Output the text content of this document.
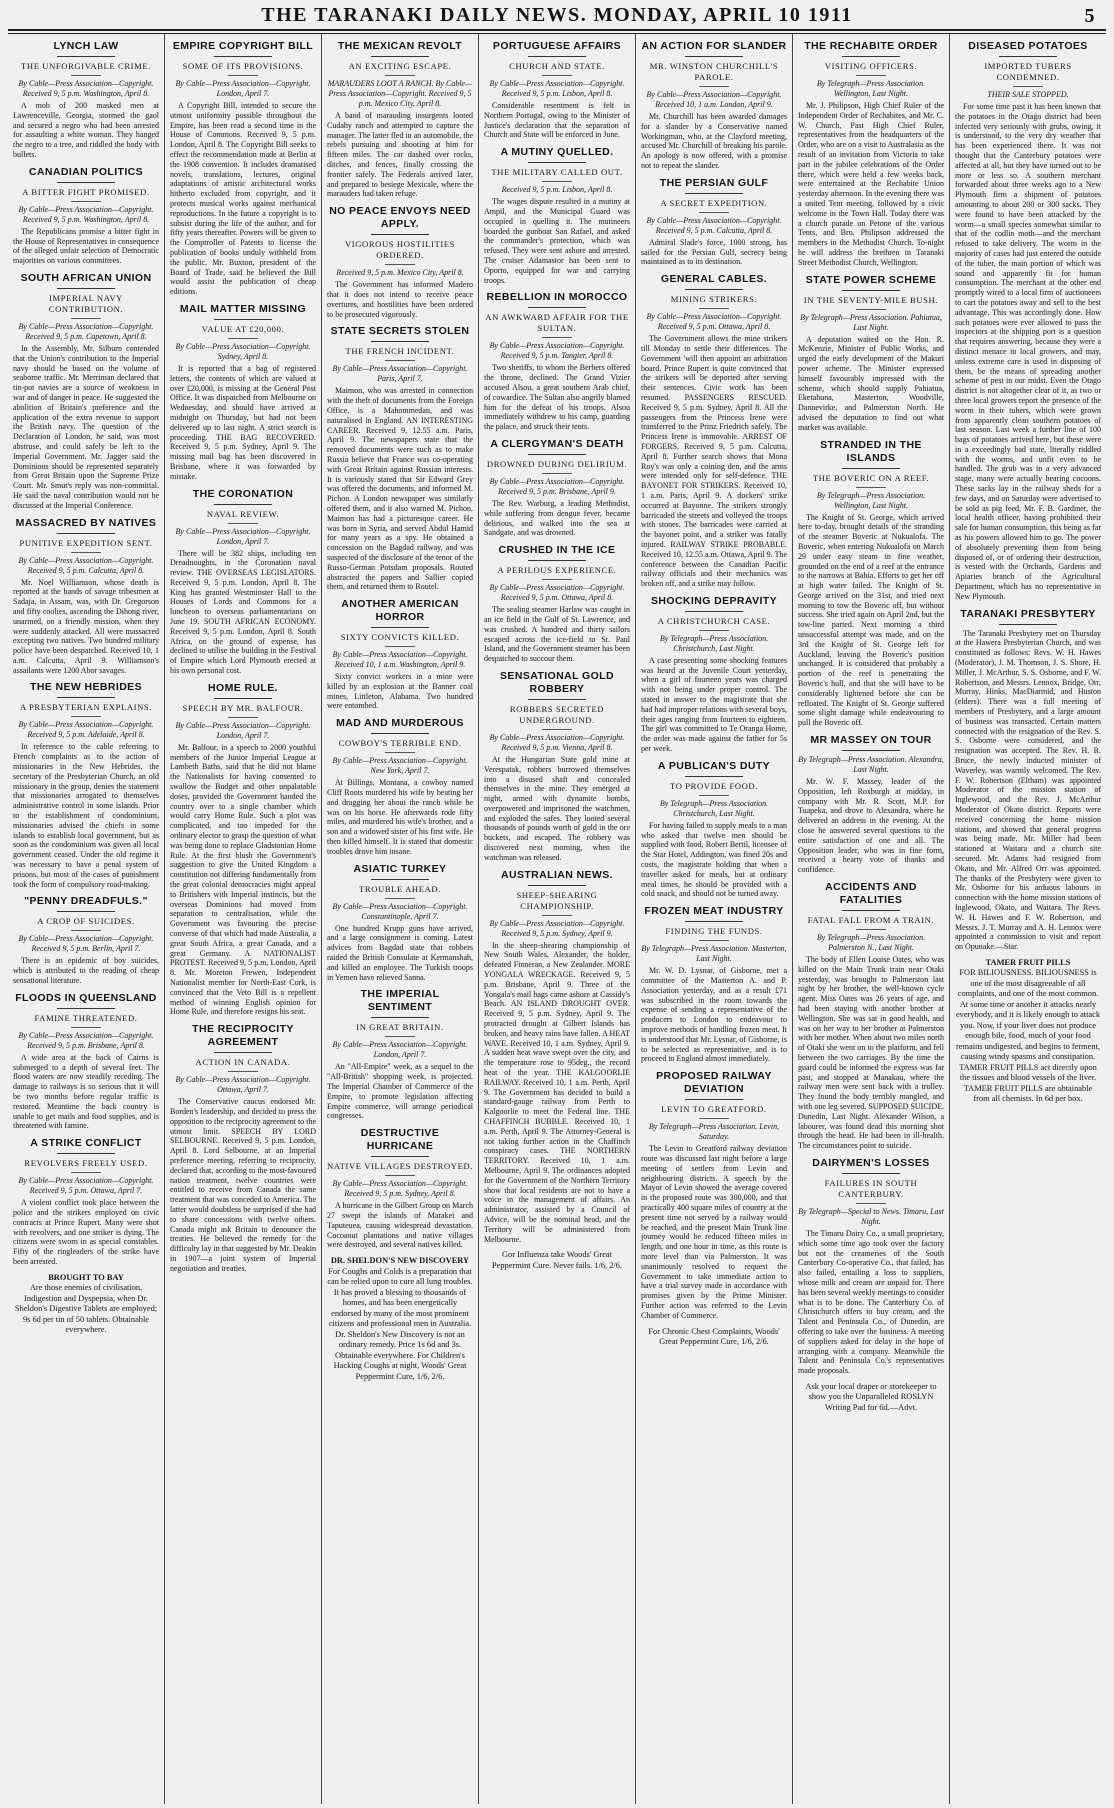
THE TARANAKI DAILY NEWS. MONDAY, APRIL 10 1911	5
LYNCH LAW
THE UNFORGIVABLE CRIME.
By Cable—Press Association—Copyright. Received 9, 5 p.m. Washington, April 8.

A mob of 200 masked men at Lawrenceville, Georgia, stormed the gaol and secured a negro who had been arrested for assaulting a white woman. They hanged the negro to a tree, and riddled the body with bullets.

CANADIAN POLITICS
A BITTER FIGHT PROMISED.
By Cable—Press Association—Copyright. Received 9, 5 p.m. Washington, April 8.

The Republicans promise a bitter fight in the House of Representatives in consequence of the alleged unfair selection of Democratic majorities on various committees.

SOUTH AFRICAN UNION
IMPERIAL NAVY CONTRIBUTION.
By Cable—Press Association—Copyright. Received 9, 5 p.m. Capetown, April 8.

In the Assembly, Mr. Silburn contended that the Union's contribution to the Imperial navy should be based on the volume of seaborne traffic. Mr. Merriman declared that tin-pot navies are a source of weakness in war and of danger in peace. He suggested the abolition of Britain's preference and the application of the extra revenue to support the British navy. The question of the Declaration of London, he said, was most abstruse, and could safely be left to the Imperial Government. Mr. Jagger said the Dominions should be represented separately from Great Britain upon the Supreme Prize Court. Mr. Smut's reply was non-committal. He said the naval contribution would not be discussed at the Imperial Conference.

MASSACRED BY NATIVES
PUNITIVE EXPEDITION SENT.
By Cable—Press Association—Copyright. Received 9, 5 p.m. Calcutta, April 8.

Mr. Noel Williamson, whose death is reported at the hands of savage tribesmen at Sadaja, in Assam, was, with Dr. Gregorson and fifty coolies, ascending the Dihong river, unarmed, on a friendly mission, when they were suddenly attacked. All were massacred excepting two natives. Two hundred military police have been despatched. Received 10, 1 a.m. Calcutta, April 9. Williamson's assailants were 1200 Abor savages.

THE NEW HEBRIDES
A PRESBYTERIAN EXPLAINS.
By Cable—Press Association—Copyright. Received 9, 5 p.m. Adelaide, April 8.

In reference to the cable referring to French complaints as to the action of missionaries in the New Hebrides, the secretary of the Presbyterian Church, an old missionary in the group, denies the statement that missionaries arrogated to themselves administrative control in some islands. Prior to the establishment of condominium, missionaries advised the chiefs in some islands to establish local government, but as soon as the condominium was given all local government ceased. Under the old regime it was necessary to have a penal system of prisons, but most of the cases of punishment took the form of compulsory road-making.

"PENNY DREADFULS."
A CROP OF SUICIDES.
By Cable—Press Association—Copyright. Received 9, 5 p.m. Berlin, April 7.

There is an epidemic of boy suicides, which is attributed to the reading of cheap sensational literature.

FLOODS IN QUEENSLAND
FAMINE THREATENED.
By Cable—Press Association—Copyright. Received 9, 5 p.m. Brisbane, April 8.

A wide area at the back of Cairns is submerged to a depth of several feet. The flood waters are now steadily receding. The damage to railways is so serious that it will be two months before regular traffic is restored. Meantime the back country is unable to get mails and food supplies, and is threatened with famine.

A STRIKE CONFLICT
REVOLVERS FREELY USED.
By Cable—Press Association—Copyright. Received 9, 5 p.m. Ottawa, April 7.

A violent conflict took place between the police and the strikers employed on civic contracts at Prince Rupert. Many were shot with revolvers, and one striker is dying. The citizens were sworn in as special constables. Fifty of the ringleaders of the strike have been arrested.

BROUGHT TO BAY
Are those enemies of civilisation, Indigestion and Dyspepsia, when Dr. Sheldon's Digestive Tablets are employed; 9s 6d per tin of 50 tablets. Obtainable everywhere.
EMPIRE COPYRIGHT BILL
SOME OF ITS PROVISIONS.
By Cable—Press Association—Copyright. London, April 7.

A Copyright Bill, intended to secure the utmost uniformity possible throughout the Empire, has been read a second time in the House of Commons. Received 9, 5 p.m. London, April 8. The Copyright Bill seeks to effect the recommendation made at Berlin at the 1908 convention. It includes dramatised novels, translations, lectures, original adaptations of artistic architectural works hitherto excluded from copyright, and it protects musical works against mechanical reproductions. In the future a copyright is to subsist during the life of the author, and for fifty years thereafter. Powers will be given to the Comptroller of Patents to license the publication of books unduly withheld from the public. Mr. Buxton, president of the Board of Trade, said he believed the Bill would assist the publication of cheap editions.

MAIL MATTER MISSING
VALUE AT £20,000.
By Cable—Press Association—Copyright. Sydney, April 8.

It is reported that a bag of registered letters, the contents of which are valued at over £20,000, is missing at the General Post Office. It was dispatched from Melbourne on Wednesday, and should have arrived at midnight on Thursday, but had not been delivered up to last night. A strict search is proceeding. THE BAG RECOVERED. Received 9, 5 p.m. Sydney, April 9. The missing mail bag has been discovered in Brisbane, where it was forwarded by mistake.

THE CORONATION
NAVAL REVIEW.
By Cable—Press Association—Copyright. London, April 7.

There will be 382 ships, including ten Dreadnoughts, in the Coronation naval review. THE OVERSEAS LEGISLATORS. Received 9, 5 p.m. London, April 8. The King has granted Westminster Hall to the Houses of Lords and Commons for a luncheon to overseas parliamentarians on June 19. SOUTH AFRICAN ECONOMY. Received 9, 5 p.m. London, April 8. South Africa, on the ground of expense, has declined to utilise the building in the Festival of Empire which Lord Plymouth erected at his own personal cost.

HOME RULE.
SPEECH BY MR. BALFOUR.
By Cable—Press Association—Copyright. London, April 7.

Mr. Balfour, in a speech to 2000 youthful members of the Junior Imperial League at Lambeth Baths, said that he did not blame the Nationalists for having consented to swallow the Budget and other unpalatable doses, provided the Government handed the country over to a single chamber which would carry Home Rule. Such a plot was complicated, and too impeded for the ordinary elector to grasp the question of what was being done to replace Gladstonian Home Rule. At the first blush the Government's suggestion to give the United Kingdom a constitution not differing fundamentally from the great colonial democracies might appeal to Britishers with Imperial instincts, but the overseas Dominions had moved from separation to centralisation, while the Government was favouring the precise converse of that which had made Australia, a great South Africa, a great Canada, and a great Germany. A NATIONALIST PROTEST. Received 9, 5 p.m. London, April 8. Mr. Moreton Frewen, Independent Nationalist member for North-East Cork, is convinced that the Veto Bill is a repellent method of winning English opinion for Home Rule, and therefore resigns his seat.

THE RECIPROCITY AGREEMENT
ACTION IN CANADA.
By Cable—Press Association—Copyright. Ottawa, April 7.

The Conservative caucus endorsed Mr. Borden's leadership, and decided to press the opposition to the reciprocity agreement to the utmost limit. SPEECH BY LORD SELBOURNE. Received 9, 5 p.m. London, April 8. Lord Selbourne, at an Imperial preference meeting, referring to reciprocity, declared that, according to the most-favoured nation treatment, twelve countries were entitled to receive from Canada the same treatment that was conceded to America. The latter would doubtless be surprised if she had to share concessions with twelve others. Canada might ask Britain to denounce the treaties. He believed the remedy for the difficulty lay in that suggested by Mr. Deakin in 1907—a joint system of Imperial negotiation and treaties.

THE MEXICAN REVOLT
AN EXCITING ESCAPE.
MARAUDERS LOOT A RANCH. By Cable—Press Association—Copyright. Received 9, 5 p.m. Mexico City, April 8.

A band of marauding insurgents looted Cudahy ranch and attempted to capture the manager. The latter fled in an automobile, the rebels pursuing and shooting at him for fifteen miles. The car dashed over rocks, ditches, and fences, finally crossing the frontier safely. The Federals arrived later, and prepared to besiege Mexicale, where the marauders had taken refuge.

NO PEACE ENVOYS NEED APPLY.
VIGOROUS HOSTILITIES ORDERED.
Received 9, 5 p.m. Mexico City, April 8.

The Government has informed Madero that it does not intend to receive peace overtures, and hostilities have been ordered to be prosecuted vigorously.

STATE SECRETS STOLEN
THE FRENCH INCIDENT.
By Cable—Press Association—Copyright. Paris, April 7.

Maimon, who was arrested in connection with the theft of documents from the Foreign Office, is a Mahommedan, and was naturalised in England. AN INTERESTING CAREER. Received 9, 12.55 a.m. Paris, April 9. The newspapers state that the removed documents were such as to make Russia believe that France was co-operating with Great Britain against Russian interests. It is variously stated that Sir Edward Grey was offered the documents, and informed M. Pichon. A London newspaper was similarly offered them, and it also warned M. Pichon. Maimon has had a picturesque career. He was born in Syria, and served Abdul Hamid for many years as a spy. He obtained a concession on the Bagdad railway, and was suspected of the disclosure of the tenor of the Russo-German Potsdam proposals. Routed abstracted the papers and Sallier copied them, and returned them to Routel.

ANOTHER AMERICAN HORROR
SIXTY CONVICTS KILLED.
By Cable—Press Association—Copyright. Received 10, 1 a.m. Washington, April 9.

Sixty convict workers in a mine were killed by an explosion at the Banner coal mines, Littleton, Alabama. Two hundred were entombed.

MAD AND MURDEROUS
COWBOY'S TERRIBLE END.
By Cable—Press Association—Copyright. New York, April 7.

At Billings, Montana, a cowboy named Cliff Roots murdered his wife by beating her and dragging her about the ranch while he was on his horse. He afterwards rode fifty miles, and murdered his wife's brother, and a son and a widowed sister of his first wife. He then killed himself. It is stated that domestic troubles drove him insane.

ASIATIC TURKEY
TROUBLE AHEAD.
By Cable—Press Association—Copyright. Constantinople, April 7.

One hundred Krupp guns have arrived, and a large consignment is coming. Latest advices from Bagdad state that robbers raided the British Consulate at Kermanshah, and killed an employee. The Turkish troops in Yemen have relieved Sanna.

THE IMPERIAL SENTIMENT
IN GREAT BRITAIN.
By Cable—Press Association—Copyright. London, April 7.

An "All-Empire" week, as a sequel to the "All-British" shopping week, is projected. The Imperial Chamber of Commerce of the Empire, to promote legislation affecting Empire commerce, will arrange periodical congresses.

DESTRUCTIVE HURRICANE
NATIVE VILLAGES DESTROYED.
By Cable—Press Association—Copyright. Received 9, 5 p.m. Sydney, April 8.

A hurricane in the Gilbert Group on March 27 swept the islands of Marakei and Taputeuea, causing widespread devastation. Cocoanut plantations and native villages were destroyed, and several natives killed.

DR. SHELDON'S NEW DISCOVERY
For Coughs and Colds is a preparation that can be relied upon to cure all lung troubles. It has proved a blessing to thousands of homes, and has been energetically endorsed by many of the most prominent citizens and professional men in Australia. Dr. Sheldon's New Discovery is not an ordinary remedy. Price 1s 6d and 3s. Obtainable everywhere. For Children's Hacking Coughs at night, Woods' Great Peppermint Cure, 1/6, 2/6.
PORTUGUESE AFFAIRS
CHURCH AND STATE.
By Cable—Press Association—Copyright. Received 9, 5 p.m. Lisbon, April 8.

Considerable resentment is felt in Northern Portugal, owing to the Minister of Justice's declaration that the separation of Church and State will be enforced in June.

A MUTINY QUELLED.
THE MILITARY CALLED OUT.
Received 9, 5 p.m. Lisbon, April 8.

The wages dispute resulted in a mutiny at Ampil, and the Municipal Guard was occupied in quelling it. The mutineers boarded the gunboat San Rafael, and asked the commander's protection, which was refused. They were sent ashore and arrested. The cruiser Adamastor has been sent to Oporto, equipped for war and carrying troops.

REBELLION IN MOROCCO
AN AWKWARD AFFAIR FOR THE SULTAN.
By Cable—Press Association—Copyright. Received 9, 5 p.m. Tangier, April 8.

Two sheriffs, to whom the Berbers offered the throne, declined. The Grand Vizier accused Alsou, a great southern Arab chief, of cowardice. The Sultan also angrily blamed him for the defeat of his troops. Alsou immediately withdrew to his camp, guarding the palace, and struck their tents.

A CLERGYMAN'S DEATH
DROWNED DURING DELIRIUM.
By Cable—Press Association—Copyright. Received 9, 5 p.m. Brisbane, April 9.

The Rev. Warburg, a leading Methodist, while suffering from dengue fever, became delirious, and walked into the sea at Sandgate, and was drowned.

CRUSHED IN THE ICE
A PERILOUS EXPERIENCE.
By Cable—Press Association—Copyright. Received 9, 5 p.m. Ottawa, April 8.

The sealing steamer Harlaw was caught in an ice field in the Gulf of St. Lawrence, and was crushed. A hundred and thirty sailors escaped across the ice-field to St. Paul Island, and the Government steamer has been despatched to succour them.

SENSATIONAL GOLD ROBBERY
ROBBERS SECRETED UNDERGROUND.
By Cable—Press Association—Copyright. Received 9, 5 p.m. Vienna, April 8.

At the Hungarian State gold mine at Verespatak, robbers burrowed themselves into a disused shaft and concealed themselves in the mine. They emerged at night, armed with dynamite bombs, overpowered and imprisoned the watchmen, and exploded the safes. They looted several thousands of pounds worth of gold in the ore buckets, and escaped. The robbery was discovered next morning, when the watchman was released.

AUSTRALIAN NEWS.
SHEEP-SHEARING CHAMPIONSHIP.
By Cable—Press Association—Copyright. Received 9, 5 p.m. Sydney, April 9.

In the sheep-shearing championship of New South Wales, Alexander, the holder, defeated Finneran, a New Zealander. MORE YONGALA WRECKAGE. Received 9, 5 p.m. Brisbane, April 9. Three of the Yongala's mail bags came ashore at Cassidy's Beach. AN ISLAND DROUGHT OVER. Received 9, 5 p.m. Sydney, April 9. The protracted drought at Gilbert Islands has broken, and heavy rains have fallen. A HEAT WAVE. Received 10, 1 a.m. Sydney, April 9. A sudden heat wave swept over the city, and the temperature rose to 95deg., the record heat of the year. THE KALGOORLIE RAILWAY. Received 10, 1 a.m. Perth, April 9. The Government has decided to build a standard-gauge railway from Perth to Kalgoorlie to meet the Federal line. THE CHAFFINCH BUBBLE. Received 10, 1 a.m. Perth, April 9. The Attorney-General is not taking further action in the Chaffinch conspiracy cases. THE NORTHERN TERRITORY. Received 10, 1 a.m. Melbourne, April 9. The ordinances adopted for the Government of the Northern Territory show that local residents are not to have a voice in the management of affairs. An administrator, assisted by a Council of Advice, will be the nominal head, and the Territory will be administered from Melbourne.

Gor Influenza take Woods' Great Peppermint Cure. Never fails. 1/6, 2/6.
AN ACTION FOR SLANDER
MR. WINSTON CHURCHILL'S PAROLE.
By Cable—Press Association—Copyright. Received 10, 1 a.m. London, April 9.

Mr. Churchill has been awarded damages for a slander by a Conservative named Workingman, who, at the Clayford meeting, accused Mr. Churchill of breaking his parole. An apology is now offered, with a promise not to repeat the slander.

THE PERSIAN GULF
A SECRET EXPEDITION.
By Cable—Press Association—Copyright. Received 9, 5 p.m. Calcutta, April 8.

Admiral Slade's force, 1000 strong, has sailed for the Persian Gulf, secrecy being maintained as to its destination.

GENERAL CABLES.
MINING STRIKERS.
By Cable—Press Association—Copyright. Received 9, 5 p.m. Ottawa, April 8.

The Government allows the mine strikers till Monday to settle their differences. The Government 'will then appoint an arbitration board. Prince Rupert is quite convinced that the strikers will be deported after serving their sentences. Civic work has been resumed. PASSENGERS RESCUED. Received 9, 5 p.m. Sydney, April 8. All the passengers from the Princess Irene were transferred to the Prinz Friedrich safely. The Princess Irene is immovable. ARREST OF FORGERS. Received 9, 5 p.m. Calcutta, April 8. Further search shows that Mona Roy's was only a coining den, and the arms were intended only for self-defence. THE BAYONET FOR STRIKERS. Received 10, 1 a.m. Paris, April 9. A dockers' strike occurred at Bayonne. The strikers strongly barricaded the streets and volleyed the troops with stones. The barricades were carried at the bayonet point, and a striker was fatally injured. RAILWAY STRIKE PROBABLE. Received 10, 12.55 a.m. Ottawa, April 9. The conference between the Canadian Pacific railway officials and their mechanics was broken off, and a strike may follow.

SHOCKING DEPRAVITY
A CHRISTCHURCH CASE.
By Telegraph—Press Association. Christchurch, Last Night.

A case presenting some shocking features was heard at the Juvenile Court yesterday, when a girl of fourteen years was charged with not being under proper control. The stated in answer to the magistrate that she had had improper relations with several boys, their ages ranging from fourteen to eighteen. The girl was committed to Te Oranga Home, the order was made against the father for 5s per week.

A PUBLICAN'S DUTY
TO PROVIDE FOOD.
By Telegraph—Press Association. Christchurch, Last Night.

For having failed to supply meals to a man who asked that twelve men should be supplied with food, Robert Bertil, licensee of the Star Hotel, Addington, was fined 20s and costs, the magistrate holding that when a traveller asked for meals, but at ordinary meal times, he should be provided with a cold snack, and should not be turned away.

FROZEN MEAT INDUSTRY
FINDING THE FUNDS.
By Telegraph—Press Association. Masterton, Last Night.

Mr. W. D. Lysnar, of Gisborne, met a committee of the Masterton A. and P. Association yesterday, and as a result £71 was subscribed in the room towards the expense of sending a representative of the producers to London to endeavour to improve methods of handling frozen meat. It is understood that Mr. Lysnar, of Gisborne, is to be selected as representative, and is to proceed to England almost immediately.

PROPOSED RAILWAY DEVIATION
LEVIN TO GREATFORD.
By Telegraph—Press Association. Levin, Saturday.

The Levin to Greatford railway deviation route was discussed last night before a large meeting of settlers from Levin and neighbouring districts. A speech by the Mayor of Levin showed the average covered in the proposed route was 300,000, and that practically 400 square miles of country at the present time not served by a railway would be reached, and the present Main Trunk line journey would be reduced fifteen miles in length, and one hour in time, as this route is more level than via Palmerston. It was unanimously resolved to request the Government to take immediate action to have a trial survey made in accordance with promises given by the Prime Minister. Further action was referred to the Levin Chamber of Commerce.

For Chronic Chest Complaints, Woods' Great Peppermint Cure, 1/6, 2/6.
THE RECHABITE ORDER
VISITING OFFICERS.
By Telegraph—Press Association. Wellington, Last Night.

Mr. J. Philipson, High Chief Ruler of the Independent Order of Rechabites, and Mr. C. W. Church, Past High Chief Ruler, representatives from the headquarters of the Order, who are on a visit to Australasia as the result of an invitation from Victoria to take part in the jubilee celebrations of the Order there, which were held a few weeks back, were entertained at the Rechabite Union yesterday afternoon. In the evening there was a united Tent meeting, followed by a civic welcome in the Town Hall. Today there was a church parade on Petone of the various Tents, and Bro. Philipson addressed the members in the Methodist Church. To-night he will address the brethren in Taranaki Street Methodist Church, Wellington.

STATE POWER SCHEME
IN THE SEVENTY-MILE BUSH.
By Telegraph—Press Association. Pahiatua, Last Night.

A deputation waited on the Hon. R. McKenzie, Minister of Public Works, and urged the early development of the Makuri power scheme. The Minister expressed himself favourably impressed with the scheme, which should supply Pahiatua, Eketahuna, Masterton, Woodville, Dannevirke, and Palmerston North. He advised the deputation to find out what market was available.

STRANDED IN THE ISLANDS
THE BOVERIC ON A REEF.
By Telegraph—Press Association. Wellington, Last Night.

The Knight of St. George, which arrived here to-day, brought details of the stranding of the steamer Boveric at Nukualofa. The Boveric, when entering Nukualofa on March 29 under easy steam in fine weather, grounded on the end of a reef at the entrance to the narrows at Bahia. Efforts to get her off at high water failed. The Knight of St. George arrived on the 31st, and tried next morning to tow the Boveric off, but without success. She tried again on April 2nd, but the tow-line parted. Next morning a third unsuccessful attempt was made, and on the 3rd the Knight of St. George left for Auckland, leaving the Boveric's position unchanged. It is considered that probably a portion of the reef is penetrating the Boveric's hull, and that she will have to be considerably lightened before she can be refloated. The Knight of St. George suffered some slight damage while endeavouring to pull the Boveric off.

MR MASSEY ON TOUR
By Telegraph—Press Association. Alexandra, Last Night.

Mr. W. F. Massey, leader of the Opposition, left Roxburgh at midday, in company with Mr. R. Scott, M.P. for Tuapeka, and drove to Alexandra, where he delivered an address in the evening. At the close he answered several questions to the entire satisfaction of one and all. The Opposition leader, who was in fine form, received a hearty vote of thanks and confidence.

ACCIDENTS AND FATALITIES
FATAL FALL FROM A TRAIN.
By Telegraph—Press Association. Palmerston N., Last Night.

The body of Ellen Louise Oates, who was killed on the Main Trunk train near Otaki yesterday, was brought to Palmerston last night by her brother, the well-known cycle agent. Miss Oates was 26 years of age, and had been staying with another brother at Wellington. She was sat in good health, and was on her way to her brother at Palmerston with her mother. When about two miles north of Otaki she went on to the platform, and fell between the two carriages. By the time the guard could be informed the express was far past, and stopped at Manakau, where the railway men were sent back with a trolley. They found the body terribly mangled, and with one leg severed. SUPPOSED SUICIDE. Dunedin, Last Night. Alexander Wilson, a labourer, was found dead this morning shot through the head. He had been in ill-health. The circumstances point to suicide.

DAIRYMEN'S LOSSES
FAILURES IN SOUTH CANTERBURY.
By Telegraph—Special to News. Timaru, Last Night.

The Timaru Dairy Co., a small proprietary, which some time ago took over the factory but not the creameries of the South Canterbury Co-operative Co., that failed, has also failed, entailing a loss to suppliers, whose milk and cream are unpaid for. There has been several weekly meetings to consider what is to be done. The Canterbury Co. of Christchurch offers to buy cream, and the Talent and Peninsula Co., of Dunedin, are offering to take over the business. A meeting of suppliers asked for delay in the hope of arranging with a company. Meanwhile the Talent and Peninsula Co.'s representatives made proposals.

Ask your local draper or storekeeper to show you the Unparalleled ROSLYN Writing Pad for 6d.—Advt.
DISEASED POTATOES
IMPORTED TUBERS CONDEMNED.
THEIR SALE STOPPED.

For some time past it has been known that the potatoes in the Otago district had been infected very seriously with grubs, owing, it is understood, to the very dry weather that has been experienced there. It was not thought that the Canterbury potatoes were affected at all, but they have turned out to be more or less so. A southern merchant forwarded about three weeks ago to a New Plymouth firm a shipment of potatoes amounting to about 200 or 300 sacks. They were found to have been attacked by the worm—a small species somewhat similar to that of the codlin moth—and the merchant refused to take delivery. The worm in the majority of cases had just entered the outside of the tuber, the main portion of which was sound and apparently fit for human consumption. The merchant at the other end promptly wired to a local firm of auctioneers to cart the potatoes away and sell to the best advantage. This was accordingly done. How such potatoes were ever allowed to pass the inspectors at the shipping port is a question that requires answering, because they were a distinct menace to local growers, and may, unless extreme care is used in disposing of them, be the means of spreading another scheme of pest in our midst. Even the Otago district is not altogether clear of it, as two or three local growers report the presence of the worm in their tubers, which were grown from apparently clean southern potatoes of last season. Last week a further line of 100 bags of potatoes arrived here, but these were in a exceedingly bad state, literally riddled with the worms, and unfit even to be handled. The grub was in a very advanced stage, many were actually bearing cocoons. These sacks lay in the railway sheds for a few days, and on Saturday were advertised to be sold as pig feed, Mr. F. B. Gardiner, the local health officer, having prohibited their sale for human consumption, this being as far as his powers allowed him to go. The power of absolutely preventing them from being disposed of, or of ordering their destruction, is vested with the Orchards, Gardens and Apiaries branch of the Agricultural Department, which has no representative in New Plymouth.

TARANAKI PRESBYTERY

The Taranaki Presbytery met on Thursday at the Hawera Presbyterian Church, and was constituted as follows: Revs. W. H. Hawes (Moderator), J. M. Thomson, J. S. Shore, H. Miller, J. McArthur, S. S. Osborne, and F. W. Robertson, and Messrs. Lennox, Bridge, Orr, Murray, Hinks, MacDiarmid, and Huston (elders). There was a full meeting of members of Presbytery, and a large amount of business was transacted. Certain matters connected with the resignation of the Rev. S. S. Osborne were considered, and the resignation was accepted. The Rev. H. R. Bruce, the newly inducted minister of Waverley, was warmly welcomed. The Rev. F. W. Robertson (Eltham) was appointed Moderator of the mission station of Inglewood, and the Rev. J. McArthur Moderator of Okato district. Reports were received concerning the home mission stations, and showed that general progress was being made. Mr. Miller had been stationed at Waitara and a church site secured. Mr. Adams had resigned from Okato, and Mr. Alfred Orr was appointed. The thanks of the Presbytery were given to Mr. Osborne for his arduous labours in connection with the home mission stations of Inglewood, Okato, and Waitara. The Revs. W. H. Hawes and F. W. Robertson, and Messrs. J. T. Murray and A. H. Lennox were appointed a commission to visit and report on Opunake.—Star.

TAMER FRUIT PILLS
FOR BILIOUSNESS. BILIOUSNESS is one of the most disagreeable of all complaints, and one of the most common. At some time or another it attacks nearly everybody, and it is likely enough to attack you. Now, if your liver does not produce enough bile, food, much of your food remains undigested, and begins to ferment, causing windy spasms and constipation. TAMER FRUIT PILLS act directly upon the tissues and blood vessels of the liver. TAMER FRUIT PILLS are obtainable from all chemists. In 6d per box.
